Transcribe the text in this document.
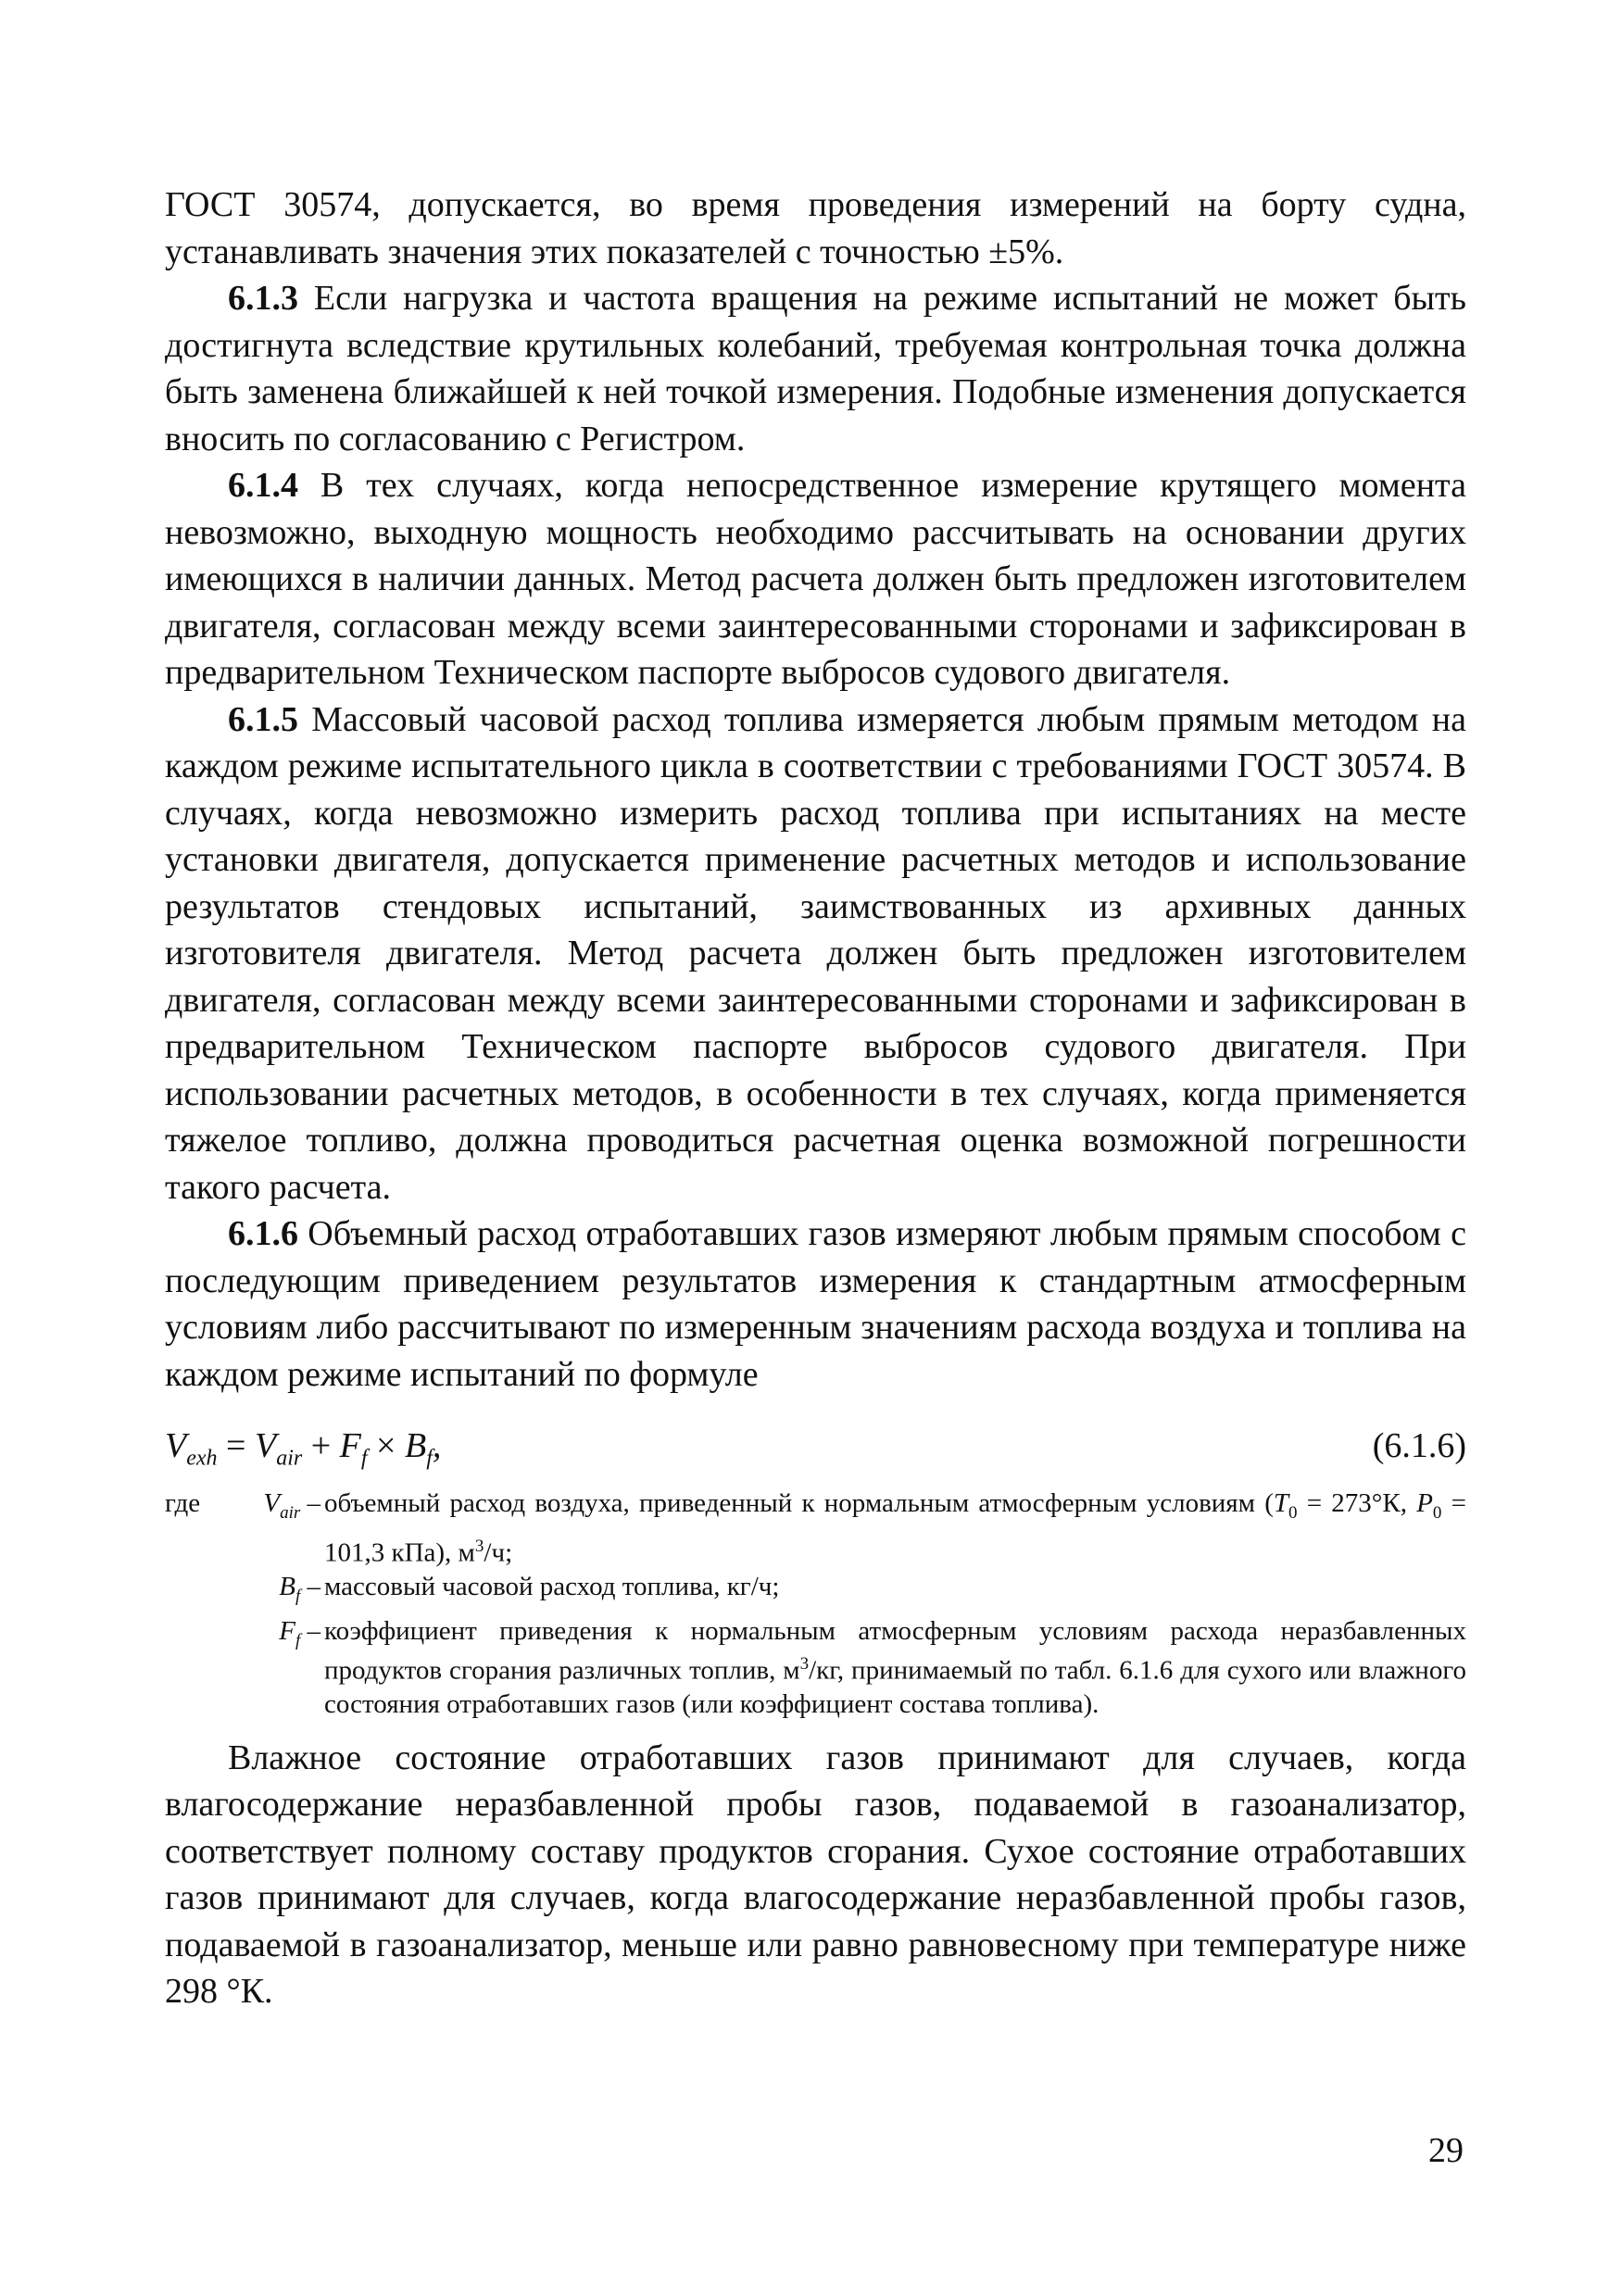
ГОСТ 30574, допускается, во время проведения измерений на борту судна, устанавливать значения этих показателей с точностью ±5%.

6.1.3 Если нагрузка и частота вращения на режиме испытаний не может быть достигнута вследствие крутильных колебаний, требуемая контрольная точка должна быть заменена ближайшей к ней точкой измерения. Подобные изменения допускается вносить по согласованию с Регистром.

6.1.4 В тех случаях, когда непосредственное измерение крутящего момента невозможно, выходную мощность необходимо рассчитывать на основании других имеющихся в наличии данных. Метод расчета должен быть предложен изготовителем двигателя, согласован между всеми заинтересованными сторонами и зафиксирован в предварительном Техническом паспорте выбросов судового двигателя.

6.1.5 Массовый часовой расход топлива измеряется любым прямым методом на каждом режиме испытательного цикла в соответствии с требованиями ГОСТ 30574. В случаях, когда невозможно измерить расход топлива при испытаниях на месте установки двигателя, допускается применение расчетных методов и использование результатов стендовых испытаний, заимствованных из архивных данных изготовителя двигателя. Метод расчета должен быть предложен изготовителем двигателя, согласован между всеми заинтересованными сторонами и зафиксирован в предварительном Техническом паспорте выбросов судового двигателя. При использовании расчетных методов, в особенности в тех случаях, когда применяется тяжелое топливо, должна проводиться расчетная оценка возможной погрешности такого расчета.

6.1.6 Объемный расход отработавших газов измеряют любым прямым способом с последующим приведением результатов измерения к стандартным атмосферным условиям либо рассчитывают по измеренным значениям расхода воздуха и топлива на каждом режиме испытаний по формуле

$V_{exh} = V_{air} + F_f \times B_f$,	(6.1.6)
где	$V_{air}$ – объемный расход воздуха, приведенный к нормальным атмосферным условиям ($T_0 = 273^\circ К$, $P_0 = 101,3$ кПа), $м^3/ч$;
$B_f$ – массовый часовой расход топлива, кг/ч;
$F_f$ – коэффициент приведения к нормальным атмосферным условиям расхода неразбавленных продуктов сгорания различных топлив, $м^3/кг$, принимаемый по табл. 6.1.6 для сухого или влажного состояния отработавших газов (или коэффициент состава топлива).

Влажное состояние отработавших газов принимают для случаев, когда влагосодержание неразбавленной пробы газов, подаваемой в газоанализатор, соответствует полному составу продуктов сгорания. Сухое состояние отработавших газов принимают для случаев, когда влагосодержание неразбавленной пробы газов, подаваемой в газоанализатор, меньше или равно равновесному при температуре ниже 298 °К.

29
